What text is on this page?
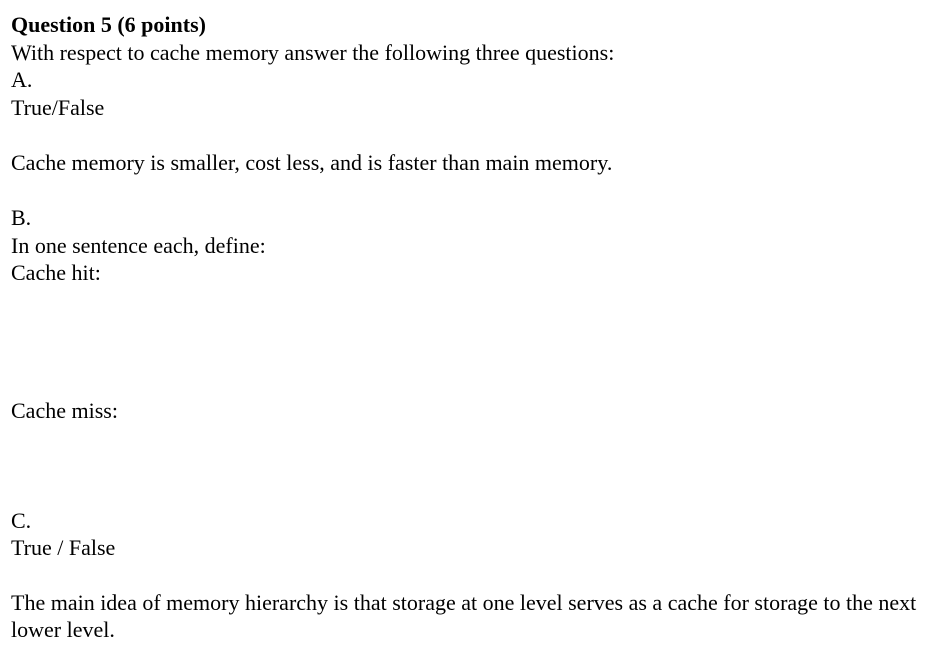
Question 5 (6 points)
With respect to cache memory answer the following three questions:
A.
True/False
Cache memory is smaller, cost less, and is faster than main memory.
B.
In one sentence each, define:
Cache hit:
Cache miss:
C.
True / False
The main idea of memory hierarchy is that storage at one level serves as a cache for storage to the next lower level.
